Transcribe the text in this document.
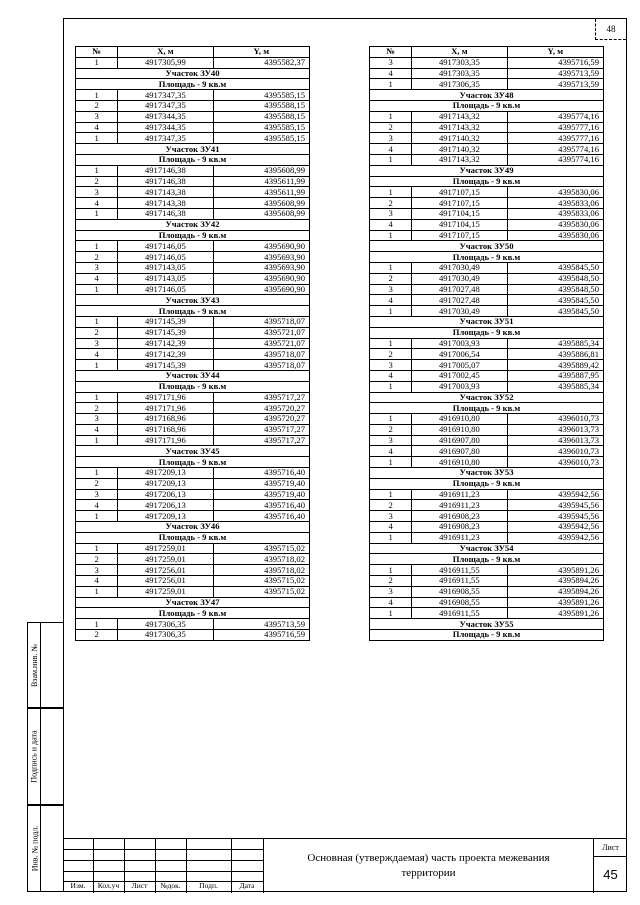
48
Взам.инв. №
Подпись и дата
Инв. № подл.
№	X, м	Y, м
1	4917305,99	4395582,37
Участок ЗУ40		
Площадь - 9 кв.м		
1	4917347,35	4395585,15
2	4917347,35	4395588,15
3	4917344,35	4395588,15
4	4917344,35	4395585,15
1	4917347,35	4395585,15
Участок ЗУ41		
Площадь - 9 кв.м		
1	4917146,38	4395608,99
2	4917146,38	4395611,99
3	4917143,38	4395611,99
4	4917143,38	4395608,99
1	4917146,38	4395608,99
Участок ЗУ42		
Площадь - 9 кв.м		
1	4917146,05	4395690,90
2	4917146,05	4395693,90
3	4917143,05	4395693,90
4	4917143,05	4395690,90
1	4917146,05	4395690,90
Участок ЗУ43		
Площадь - 9 кв.м		
1	4917145,39	4395718,07
2	4917145,39	4395721,07
3	4917142,39	4395721,07
4	4917142,39	4395718,07
1	4917145,39	4395718,07
Участок ЗУ44		
Площадь - 9 кв.м		
1	4917171,96	4395717,27
2	4917171,96	4395720,27
3	4917168,96	4395720,27
4	4917168,96	4395717,27
1	4917171,96	4395717,27
Участок ЗУ45		
Площадь - 9 кв.м		
1	4917209,13	4395716,40
2	4917209,13	4395719,40
3	4917206,13	4395719,40
4	4917206,13	4395716,40
1	4917209,13	4395716,40
Участок ЗУ46		
Площадь - 9 кв.м		
1	4917259,01	4395715,02
2	4917259,01	4395718,02
3	4917256,01	4395718,02
4	4917256,01	4395715,02
1	4917259,01	4395715,02
Участок ЗУ47		
Площадь - 9 кв.м		
1	4917306,35	4395713,59
2	4917306,35	4395716,59
№	X, м	Y, м
3	4917303,35	4395716,59
4	4917303,35	4395713,59
1	4917306,35	4395713,59
Участок ЗУ48		
Площадь - 9 кв.м		
1	4917143,32	4395774,16
2	4917143,32	4395777,16
3	4917140,32	4395777,16
4	4917140,32	4395774,16
1	4917143,32	4395774,16
Участок ЗУ49		
Площадь - 9 кв.м		
1	4917107,15	4395830,06
2	4917107,15	4395833,06
3	4917104,15	4395833,06
4	4917104,15	4395830,06
1	4917107,15	4395830,06
Участок ЗУ50		
Площадь - 9 кв.м		
1	4917030,49	4395845,50
2	4917030,49	4395848,50
3	4917027,48	4395848,50
4	4917027,48	4395845,50
1	4917030,49	4395845,50
Участок ЗУ51		
Площадь - 9 кв.м		
1	4917003,93	4395885,34
2	4917006,54	4395886,81
3	4917005,07	4395889,42
4	4917002,45	4395887,95
1	4917003,93	4395885,34
Участок ЗУ52		
Площадь - 9 кв.м		
1	4916910,80	4396010,73
2	4916910,80	4396013,73
3	4916907,80	4396013,73
4	4916907,80	4396010,73
1	4916910,80	4396010,73
Участок ЗУ53		
Площадь - 9 кв.м		
1	4916911,23	4395942,56
2	4916911,23	4395945,56
3	4916908,23	4395945,56
4	4916908,23	4395942,56
1	4916911,23	4395942,56
Участок ЗУ54		
Площадь - 9 кв.м		
1	4916911,55	4395891,26
2	4916911,55	4395894,26
3	4916908,55	4395894,26
4	4916908,55	4395891,26
1	4916911,55	4395891,26
Участок ЗУ55		
Площадь - 9 кв.м		
Изм.	Кол.уч	Лист	№док.	Подп.	Дата
Основная (утверждаемая) часть проекта межевания территории
Лист
45
